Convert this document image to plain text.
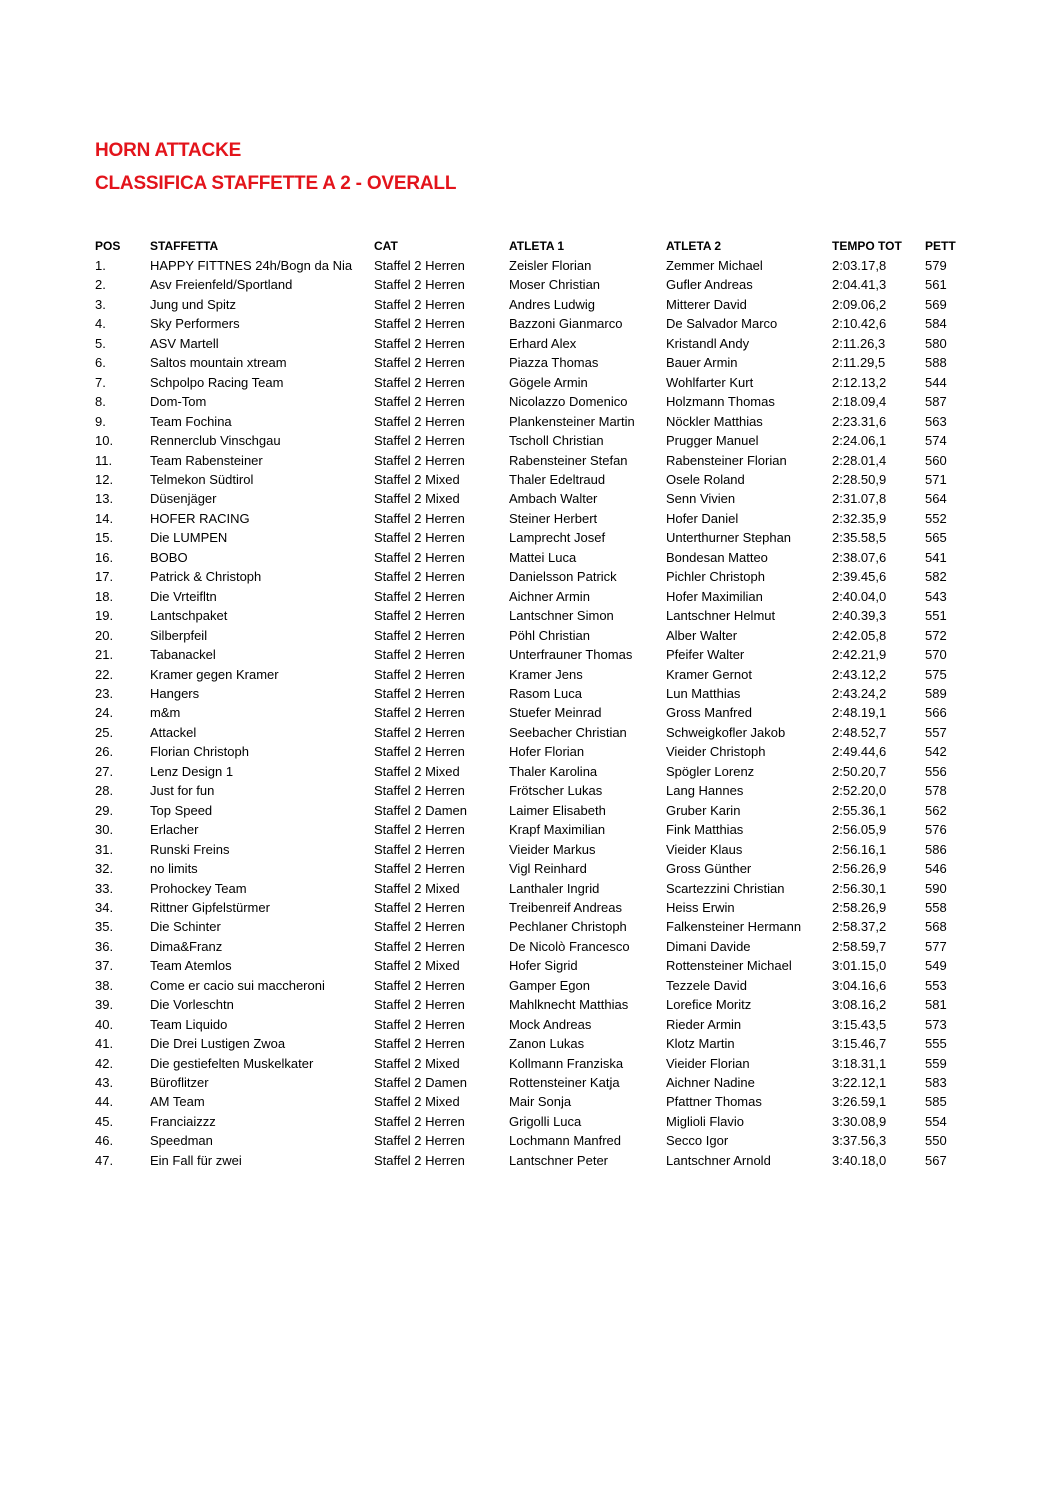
HORN ATTACKE
CLASSIFICA STAFFETTE A 2 - OVERALL
POS	STAFFETTA	CAT	ATLETA 1	ATLETA 2	TEMPO TOT	PETT
1.	HAPPY FITTNES 24h/Bogn da Nia	Staffel 2 Herren	Zeisler Florian	Zemmer Michael	2:03.17,8	579
2.	Asv Freienfeld/Sportland	Staffel 2 Herren	Moser Christian	Gufler Andreas	2:04.41,3	561
3.	Jung und Spitz	Staffel 2 Herren	Andres Ludwig	Mitterer David	2:09.06,2	569
4.	Sky Performers	Staffel 2 Herren	Bazzoni Gianmarco	De Salvador Marco	2:10.42,6	584
5.	ASV Martell	Staffel 2 Herren	Erhard Alex	Kristandl Andy	2:11.26,3	580
6.	Saltos mountain xtream	Staffel 2 Herren	Piazza Thomas	Bauer Armin	2:11.29,5	588
7.	Schpolpo Racing Team	Staffel 2 Herren	Gögele Armin	Wohlfarter Kurt	2:12.13,2	544
8.	Dom-Tom	Staffel 2 Herren	Nicolazzo Domenico	Holzmann Thomas	2:18.09,4	587
9.	Team Fochina	Staffel 2 Herren	Plankensteiner Martin	Nöckler Matthias	2:23.31,6	563
10.	Rennerclub Vinschgau	Staffel 2 Herren	Tscholl Christian	Prugger Manuel	2:24.06,1	574
11.	Team Rabensteiner	Staffel 2 Herren	Rabensteiner Stefan	Rabensteiner Florian	2:28.01,4	560
12.	Telmekon Südtirol	Staffel 2 Mixed	Thaler Edeltraud	Osele Roland	2:28.50,9	571
13.	Düsenjäger	Staffel 2 Mixed	Ambach Walter	Senn Vivien	2:31.07,8	564
14.	HOFER RACING	Staffel 2 Herren	Steiner Herbert	Hofer Daniel	2:32.35,9	552
15.	Die LUMPEN	Staffel 2 Herren	Lamprecht Josef	Unterthurner Stephan	2:35.58,5	565
16.	BOBO	Staffel 2 Herren	Mattei Luca	Bondesan Matteo	2:38.07,6	541
17.	Patrick & Christoph	Staffel 2 Herren	Danielsson Patrick	Pichler Christoph	2:39.45,6	582
18.	Die Vrteifltn	Staffel 2 Herren	Aichner Armin	Hofer Maximilian	2:40.04,0	543
19.	Lantschpaket	Staffel 2 Herren	Lantschner Simon	Lantschner Helmut	2:40.39,3	551
20.	Silberpfeil	Staffel 2 Herren	Pöhl Christian	Alber Walter	2:42.05,8	572
21.	Tabanackel	Staffel 2 Herren	Unterfrauner Thomas	Pfeifer Walter	2:42.21,9	570
22.	Kramer gegen Kramer	Staffel 2 Herren	Kramer Jens	Kramer Gernot	2:43.12,2	575
23.	Hangers	Staffel 2 Herren	Rasom Luca	Lun Matthias	2:43.24,2	589
24.	m&m	Staffel 2 Herren	Stuefer Meinrad	Gross Manfred	2:48.19,1	566
25.	Attackel	Staffel 2 Herren	Seebacher Christian	Schweigkofler Jakob	2:48.52,7	557
26.	Florian Christoph	Staffel 2 Herren	Hofer Florian	Vieider Christoph	2:49.44,6	542
27.	Lenz Design 1	Staffel 2 Mixed	Thaler Karolina	Spögler Lorenz	2:50.20,7	556
28.	Just for fun	Staffel 2 Herren	Frötscher Lukas	Lang Hannes	2:52.20,0	578
29.	Top Speed	Staffel 2 Damen	Laimer Elisabeth	Gruber Karin	2:55.36,1	562
30.	Erlacher	Staffel 2 Herren	Krapf Maximilian	Fink Matthias	2:56.05,9	576
31.	Runski Freins	Staffel 2 Herren	Vieider Markus	Vieider Klaus	2:56.16,1	586
32.	no limits	Staffel 2 Herren	Vigl Reinhard	Gross Günther	2:56.26,9	546
33.	Prohockey Team	Staffel 2 Mixed	Lanthaler Ingrid	Scartezzini Christian	2:56.30,1	590
34.	Rittner Gipfelstürmer	Staffel 2 Herren	Treibenreif Andreas	Heiss Erwin	2:58.26,9	558
35.	Die Schinter	Staffel 2 Herren	Pechlaner Christoph	Falkensteiner Hermann	2:58.37,2	568
36.	Dima&Franz	Staffel 2 Herren	De Nicolò Francesco	Dimani Davide	2:58.59,7	577
37.	Team Atemlos	Staffel 2 Mixed	Hofer Sigrid	Rottensteiner Michael	3:01.15,0	549
38.	Come er cacio sui maccheroni	Staffel 2 Herren	Gamper Egon	Tezzele David	3:04.16,6	553
39.	Die Vorleschtn	Staffel 2 Herren	Mahlknecht Matthias	Lorefice Moritz	3:08.16,2	581
40.	Team Liquido	Staffel 2 Herren	Mock Andreas	Rieder Armin	3:15.43,5	573
41.	Die Drei Lustigen Zwoa	Staffel 2 Herren	Zanon Lukas	Klotz Martin	3:15.46,7	555
42.	Die gestiefelten Muskelkater	Staffel 2 Mixed	Kollmann Franziska	Vieider Florian	3:18.31,1	559
43.	Büroflitzer	Staffel 2 Damen	Rottensteiner Katja	Aichner Nadine	3:22.12,1	583
44.	AM Team	Staffel 2 Mixed	Mair Sonja	Pfattner Thomas	3:26.59,1	585
45.	Franciaizzz	Staffel 2 Herren	Grigolli Luca	Miglioli Flavio	3:30.08,9	554
46.	Speedman	Staffel 2 Herren	Lochmann Manfred	Secco Igor	3:37.56,3	550
47.	Ein Fall für zwei	Staffel 2 Herren	Lantschner Peter	Lantschner Arnold	3:40.18,0	567
